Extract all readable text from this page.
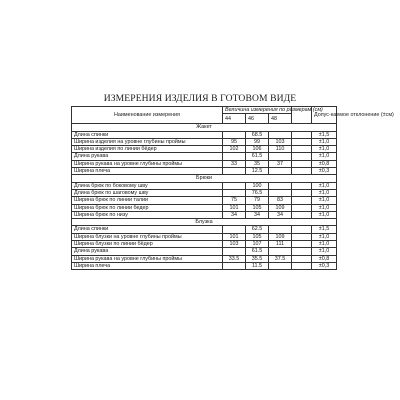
ИЗМЕРЕНИЯ ИЗДЕЛИЯ В ГОТОВОМ ВИДЕ
Наименование измерения	Величина измерения по размерам (см)				Допус-каемое отклонение (±см)
	44	46	48		
Жакет					
Длина спинки		68.5			±1,5
Ширина изделия на уровне глубины проймы	95	99	103		±1,0
Ширина изделия по линии бёдер	102	106	110		±1,0
Длина рукава		61.5			±1,0
Ширина рукава на уровне глубины проймы	33	35	37		±0,8
Ширина плеча		12.5			±0,3
Брюки					
Длина брюк по боковому шву		100			±1,0
Длина брюк по шаговому шву		76.5			±1,0
Ширина брюк по линии талии	75	79	83		±1,0
Ширина брюк по линии бедер	101	105	109		±1,0
Ширина брюк по низу	34	34	34		±1,0
Блузка					
Длина спинки		62.5			±1,5
Ширина блузки на уровне глубины проймы	101	105	109		±1,0
Ширина блузки по линии бёдер	103	107	111		±1,0
Длина рукава		61.5			±1,0
Ширина рукава на уровне глубины проймы	33.5	35.5	37.5		±0,8
Ширина плеча		11.5			±0,3
